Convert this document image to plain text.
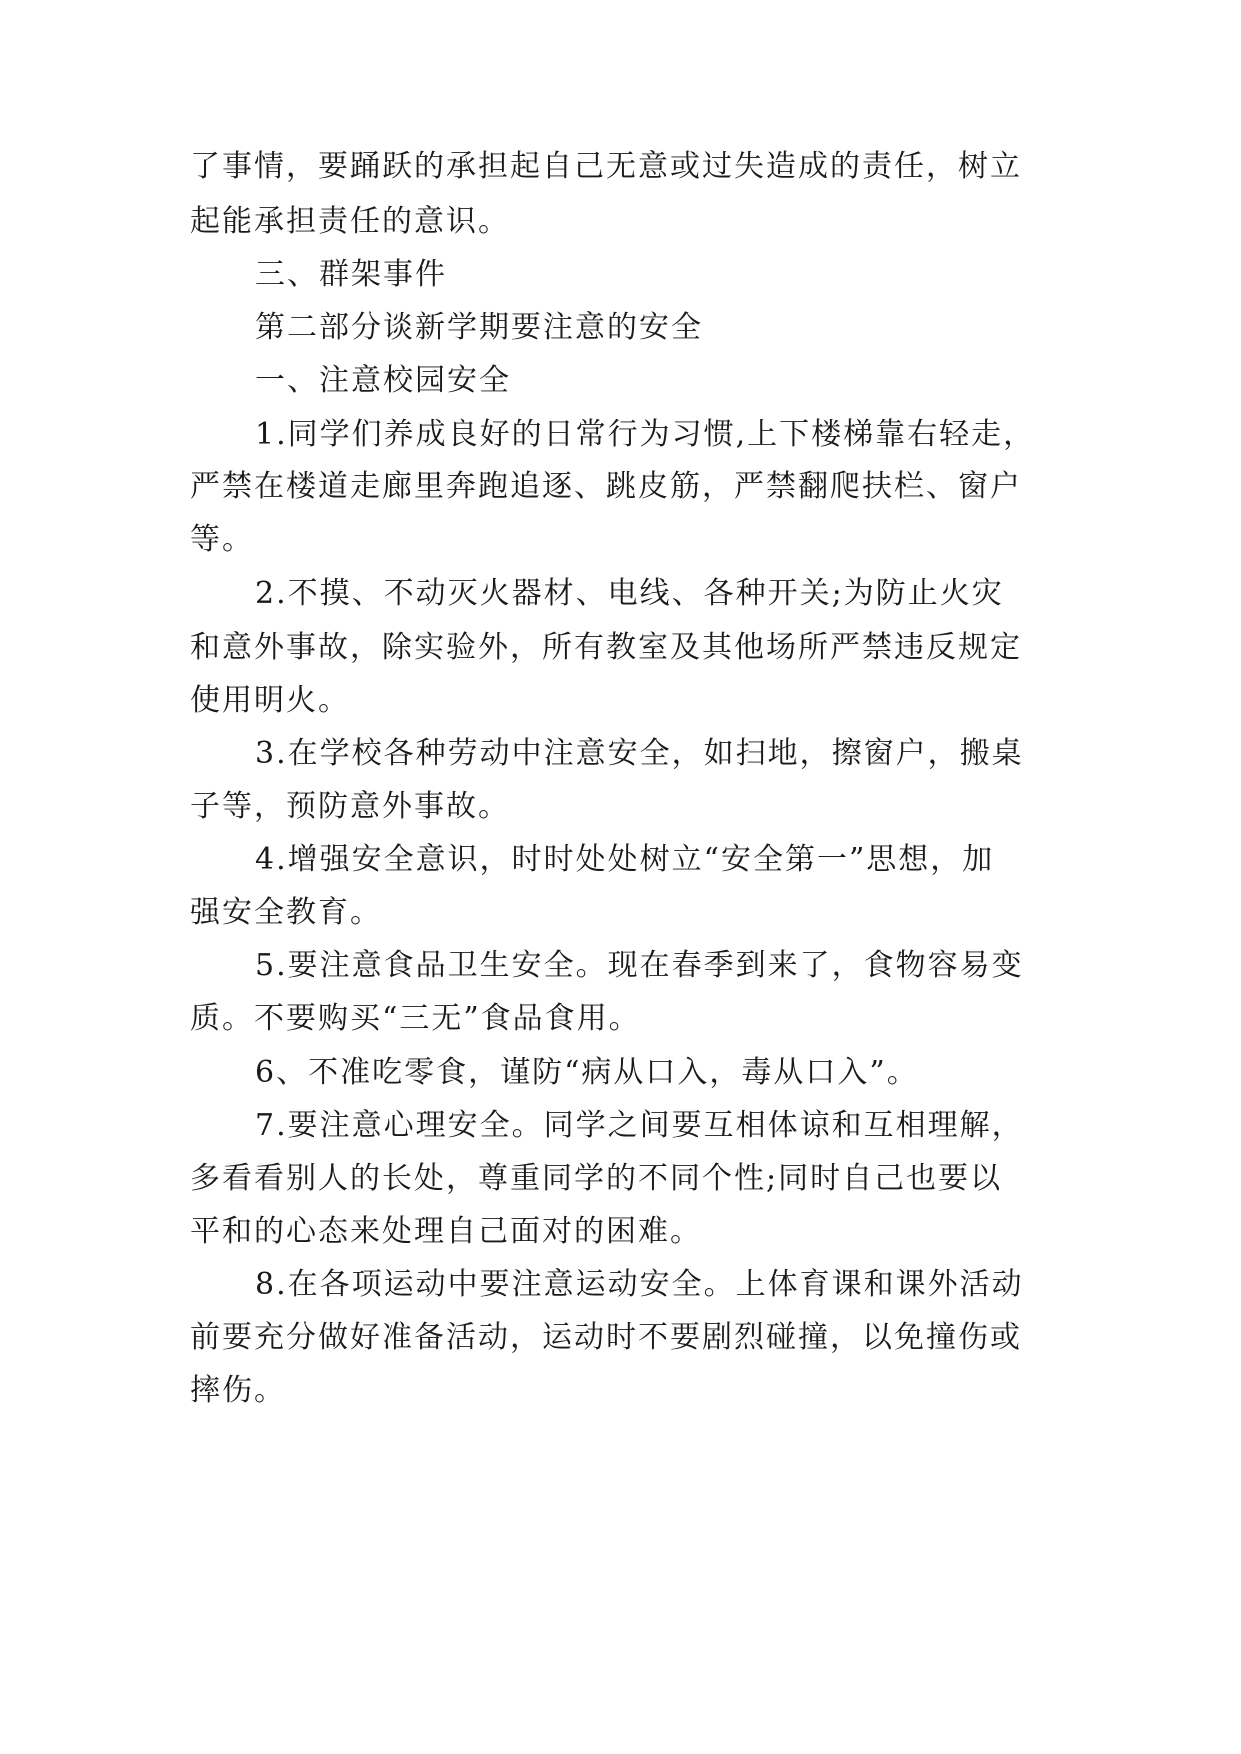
了事情，要踊跃的承担起自己无意或过失造成的责任，树立
起能承担责任的意识。
三、群架事件
第二部分谈新学期要注意的安全
一、注意校园安全
1.同学们养成良好的日常行为习惯,上下楼梯靠右轻走，
严禁在楼道走廊里奔跑追逐、跳皮筋，严禁翻爬扶栏、窗户
等。
2.不摸、不动灭火器材、电线、各种开关;为防止火灾
和意外事故，除实验外，所有教室及其他场所严禁违反规定
使用明火。
3.在学校各种劳动中注意安全，如扫地，擦窗户，搬桌
子等，预防意外事故。
4.增强安全意识，时时处处树立“安全第一”思想，加
强安全教育。
5.要注意食品卫生安全。现在春季到来了，食物容易变
质。不要购买“三无”食品食用。
6、不准吃零食，谨防“病从口入，毒从口入”。
7.要注意心理安全。同学之间要互相体谅和互相理解，
多看看别人的长处，尊重同学的不同个性;同时自己也要以
平和的心态来处理自己面对的困难。
8.在各项运动中要注意运动安全。上体育课和课外活动
前要充分做好准备活动，运动时不要剧烈碰撞，以免撞伤或
摔伤。
